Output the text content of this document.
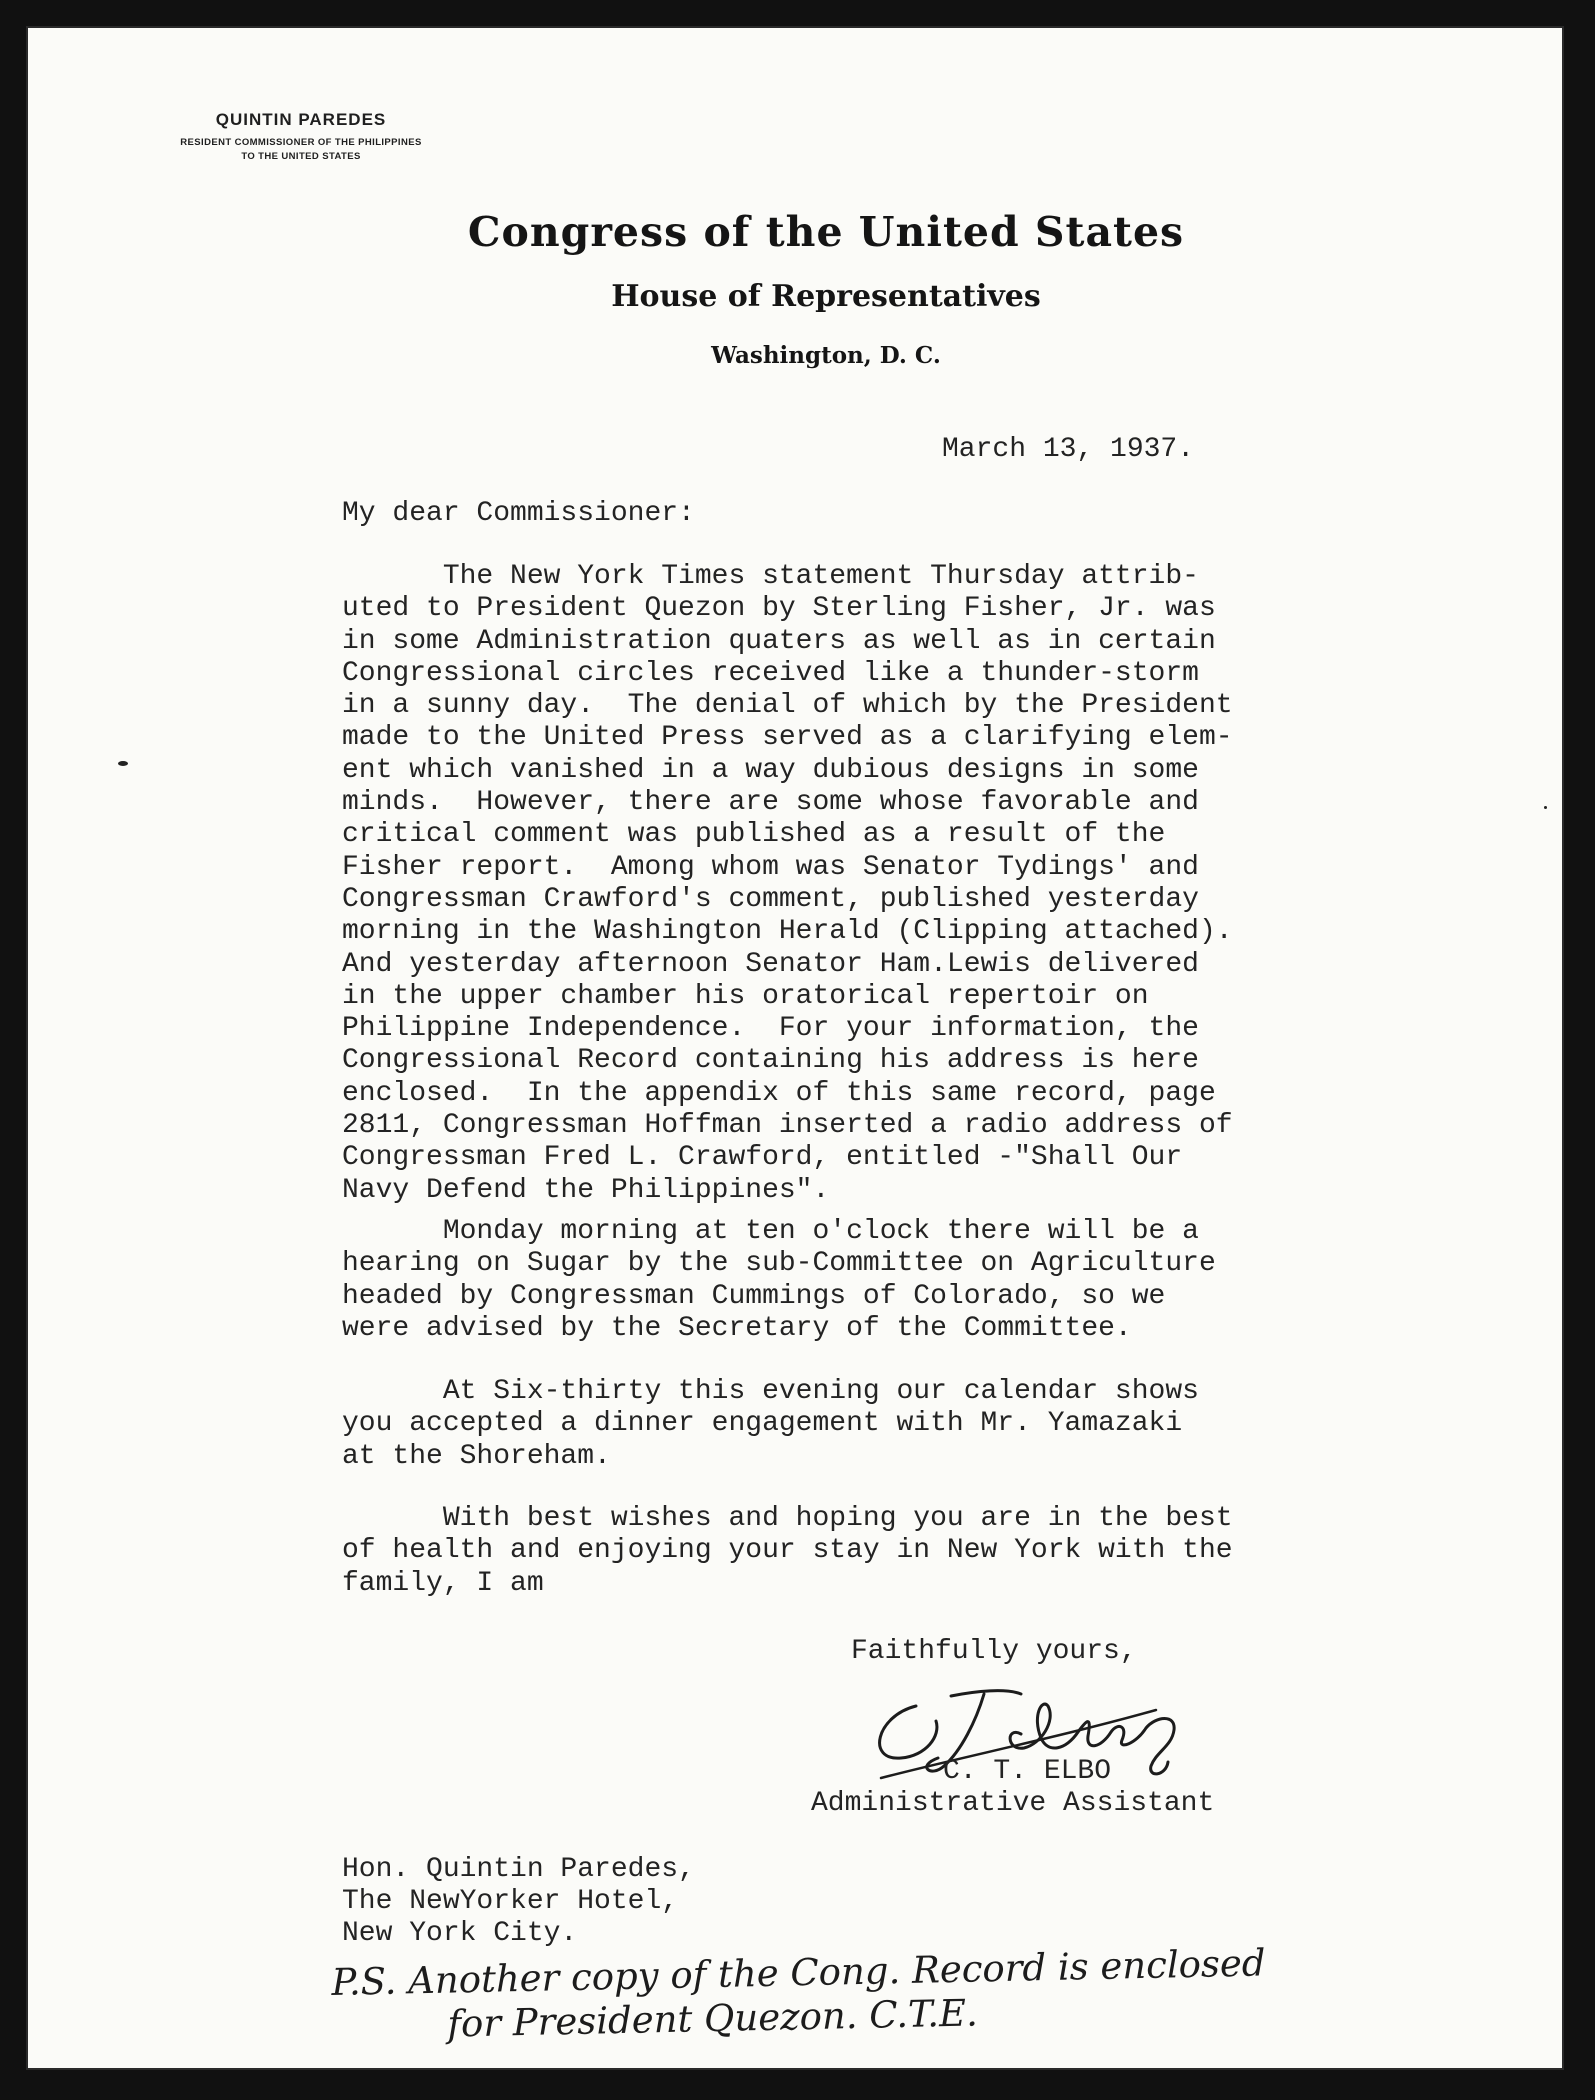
QUINTIN PAREDES
RESIDENT COMMISSIONER OF THE PHILIPPINES
TO THE UNITED STATES
Congress of the United States
House of Representatives
Washington, D. C.
March 13, 1937.
My dear Commissioner:
The New York Times statement Thursday attrib-
uted to President Quezon by Sterling Fisher, Jr. was
in some Administration quaters as well as in certain
Congressional circles received like a thunder-storm
in a sunny day.  The denial of which by the President
made to the United Press served as a clarifying elem-
ent which vanished in a way dubious designs in some
minds.  However, there are some whose favorable and
critical comment was published as a result of the
Fisher report.  Among whom was Senator Tydings' and
Congressman Crawford's comment, published yesterday
morning in the Washington Herald (Clipping attached).
And yesterday afternoon Senator Ham.Lewis delivered
in the upper chamber his oratorical repertoir on
Philippine Independence.  For your information, the
Congressional Record containing his address is here
enclosed.  In the appendix of this same record, page
2811, Congressman Hoffman inserted a radio address of
Congressman Fred L. Crawford, entitled -"Shall Our
Navy Defend the Philippines".
Monday morning at ten o'clock there will be a
hearing on Sugar by the sub-Committee on Agriculture
headed by Congressman Cummings of Colorado, so we
were advised by the Secretary of the Committee.
At Six-thirty this evening our calendar shows
you accepted a dinner engagement with Mr. Yamazaki
at the Shoreham.
With best wishes and hoping you are in the best
of health and enjoying your stay in New York with the
family, I am
Faithfully yours,
C. T. ELBO
Administrative Assistant
Hon. Quintin Paredes,
The NewYorker Hotel,
New York City.
P.S. Another copy of the Cong. Record is enclosed
for President Quezon. C.T.E.
